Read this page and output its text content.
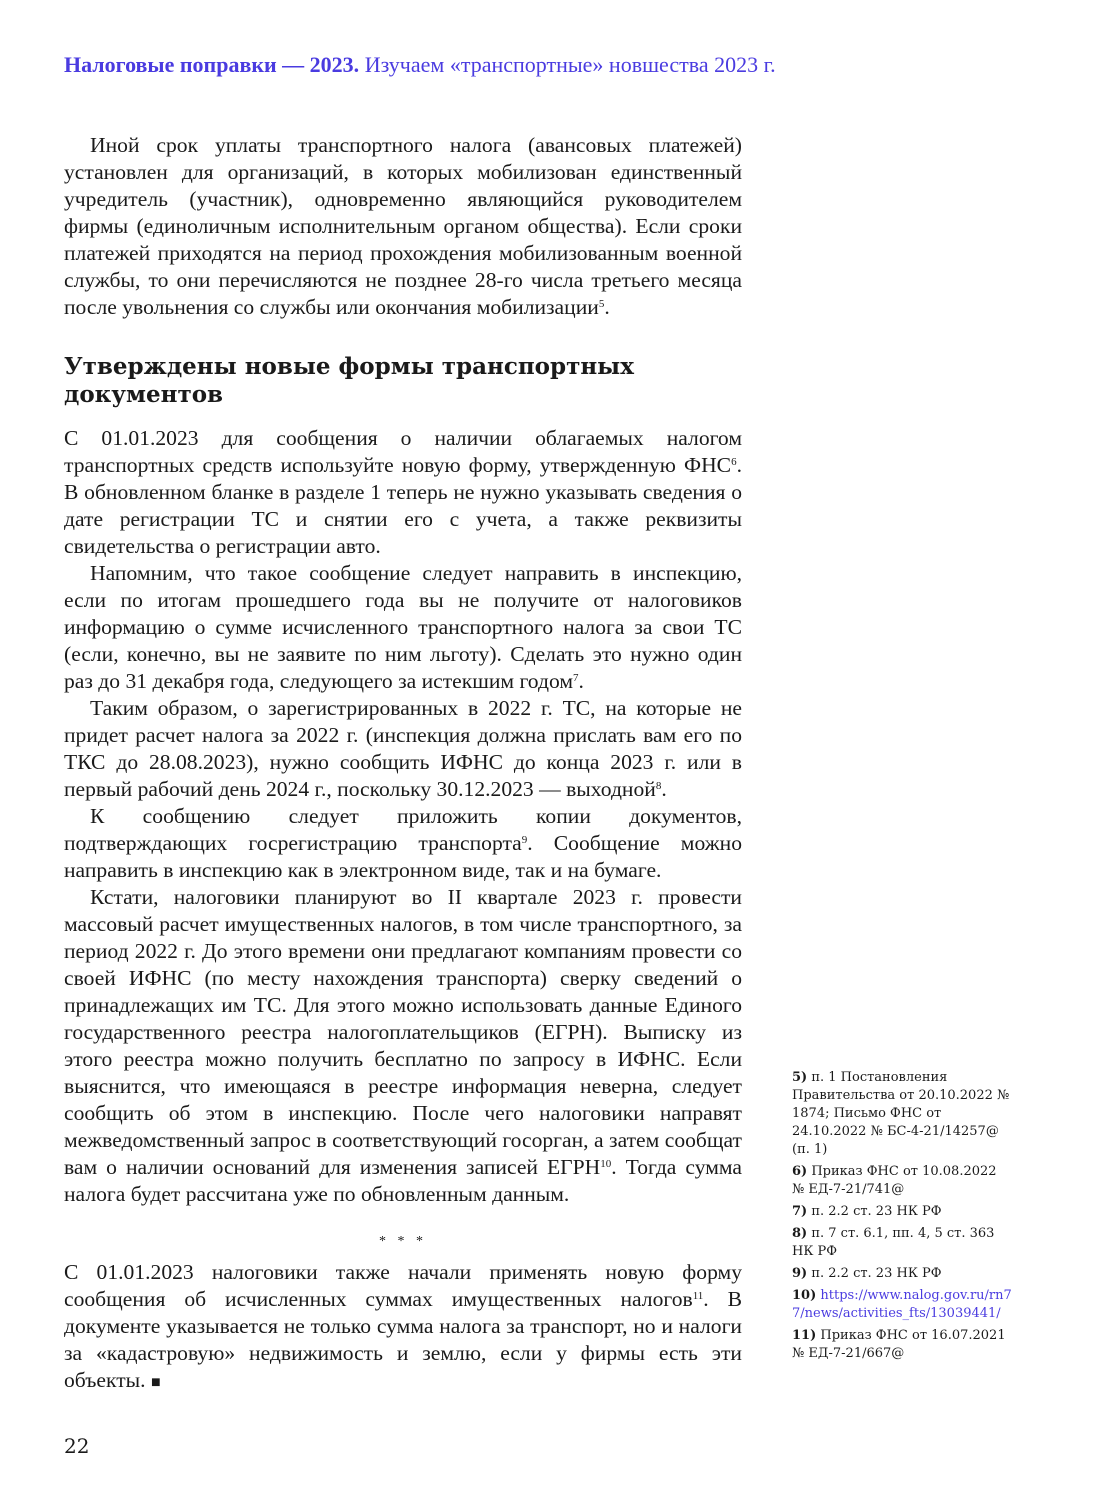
Налоговые поправки — 2023. Изучаем «транспортные» новшества 2023 г.

Иной срок уплаты транспортного налога (авансовых платежей) установлен для организаций, в которых мобилизован единственный учредитель (участник), одновременно являющийся руководителем фирмы (единоличным исполнительным органом общества). Если сроки платежей приходятся на период прохождения мобилизованным военной службы, то они перечисляются не позднее 28-го числа третьего месяца после увольнения со службы или окончания мобилизации$^5$.

Утверждены новые формы транспортных документов

С 01.01.2023 для сообщения о наличии облагаемых налогом транспортных средств используйте новую форму, утвержденную ФНС$^6$. В обновленном бланке в разделе 1 теперь не нужно указывать сведения о дате регистрации ТС и снятии его с учета, а также реквизиты свидетельства о регистрации авто.

Напомним, что такое сообщение следует направить в инспекцию, если по итогам прошедшего года вы не получите от налоговиков информацию о сумме исчисленного транспортного налога за свои ТС (если, конечно, вы не заявите по ним льготу). Сделать это нужно один раз до 31 декабря года, следующего за истекшим годом$^7$.

Таким образом, о зарегистрированных в 2022 г. ТС, на которые не придет расчет налога за 2022 г. (инспекция должна прислать вам его по ТКС до 28.08.2023), нужно сообщить ИФНС до конца 2023 г. или в первый рабочий день 2024 г., поскольку 30.12.2023 — выходной$^8$.

К сообщению следует приложить копии документов, подтверждающих госрегистрацию транспорта$^9$. Сообщение можно направить в инспекцию как в электронном виде, так и на бумаге.

Кстати, налоговики планируют во II квартале 2023 г. провести массовый расчет имущественных налогов, в том числе транспортного, за период 2022 г. До этого времени они предлагают компаниям провести со своей ИФНС (по месту нахождения транспорта) сверку сведений о принадлежащих им ТС. Для этого можно использовать данные Единого государственного реестра налогоплательщиков (ЕГРН). Выписку из этого реестра можно получить бесплатно по запросу в ИФНС. Если выяснится, что имеющаяся в реестре информация неверна, следует сообщить об этом в инспекцию. После чего налоговики направят межведомственный запрос в соответствующий госорган, а затем сообщат вам о наличии оснований для изменения записей ЕГРН$^{10}$. Тогда сумма налога будет рассчитана уже по обновленным данным.

* * *

С 01.01.2023 налоговики также начали применять новую форму сообщения об исчисленных суммах имущественных налогов$^{11}$. В документе указывается не только сумма налога за транспорт, но и налоги за «кадастровую» недвижимость и землю, если у фирмы есть эти объекты. ■

5) п. 1 Постановления Правительства от 20.10.2022 № 1874; Письмо ФНС от 24.10.2022 № БС-4-21/14257@ (п. 1)
6) Приказ ФНС от 10.08.2022 № ЕД-7-21/741@
7) п. 2.2 ст. 23 НК РФ
8) п. 7 ст. 6.1, пп. 4, 5 ст. 363 НК РФ
9) п. 2.2 ст. 23 НК РФ
10) https://www.nalog.gov.ru/rn77/news/activities_fts/13039441/
11) Приказ ФНС от 16.07.2021 № ЕД-7-21/667@
22
